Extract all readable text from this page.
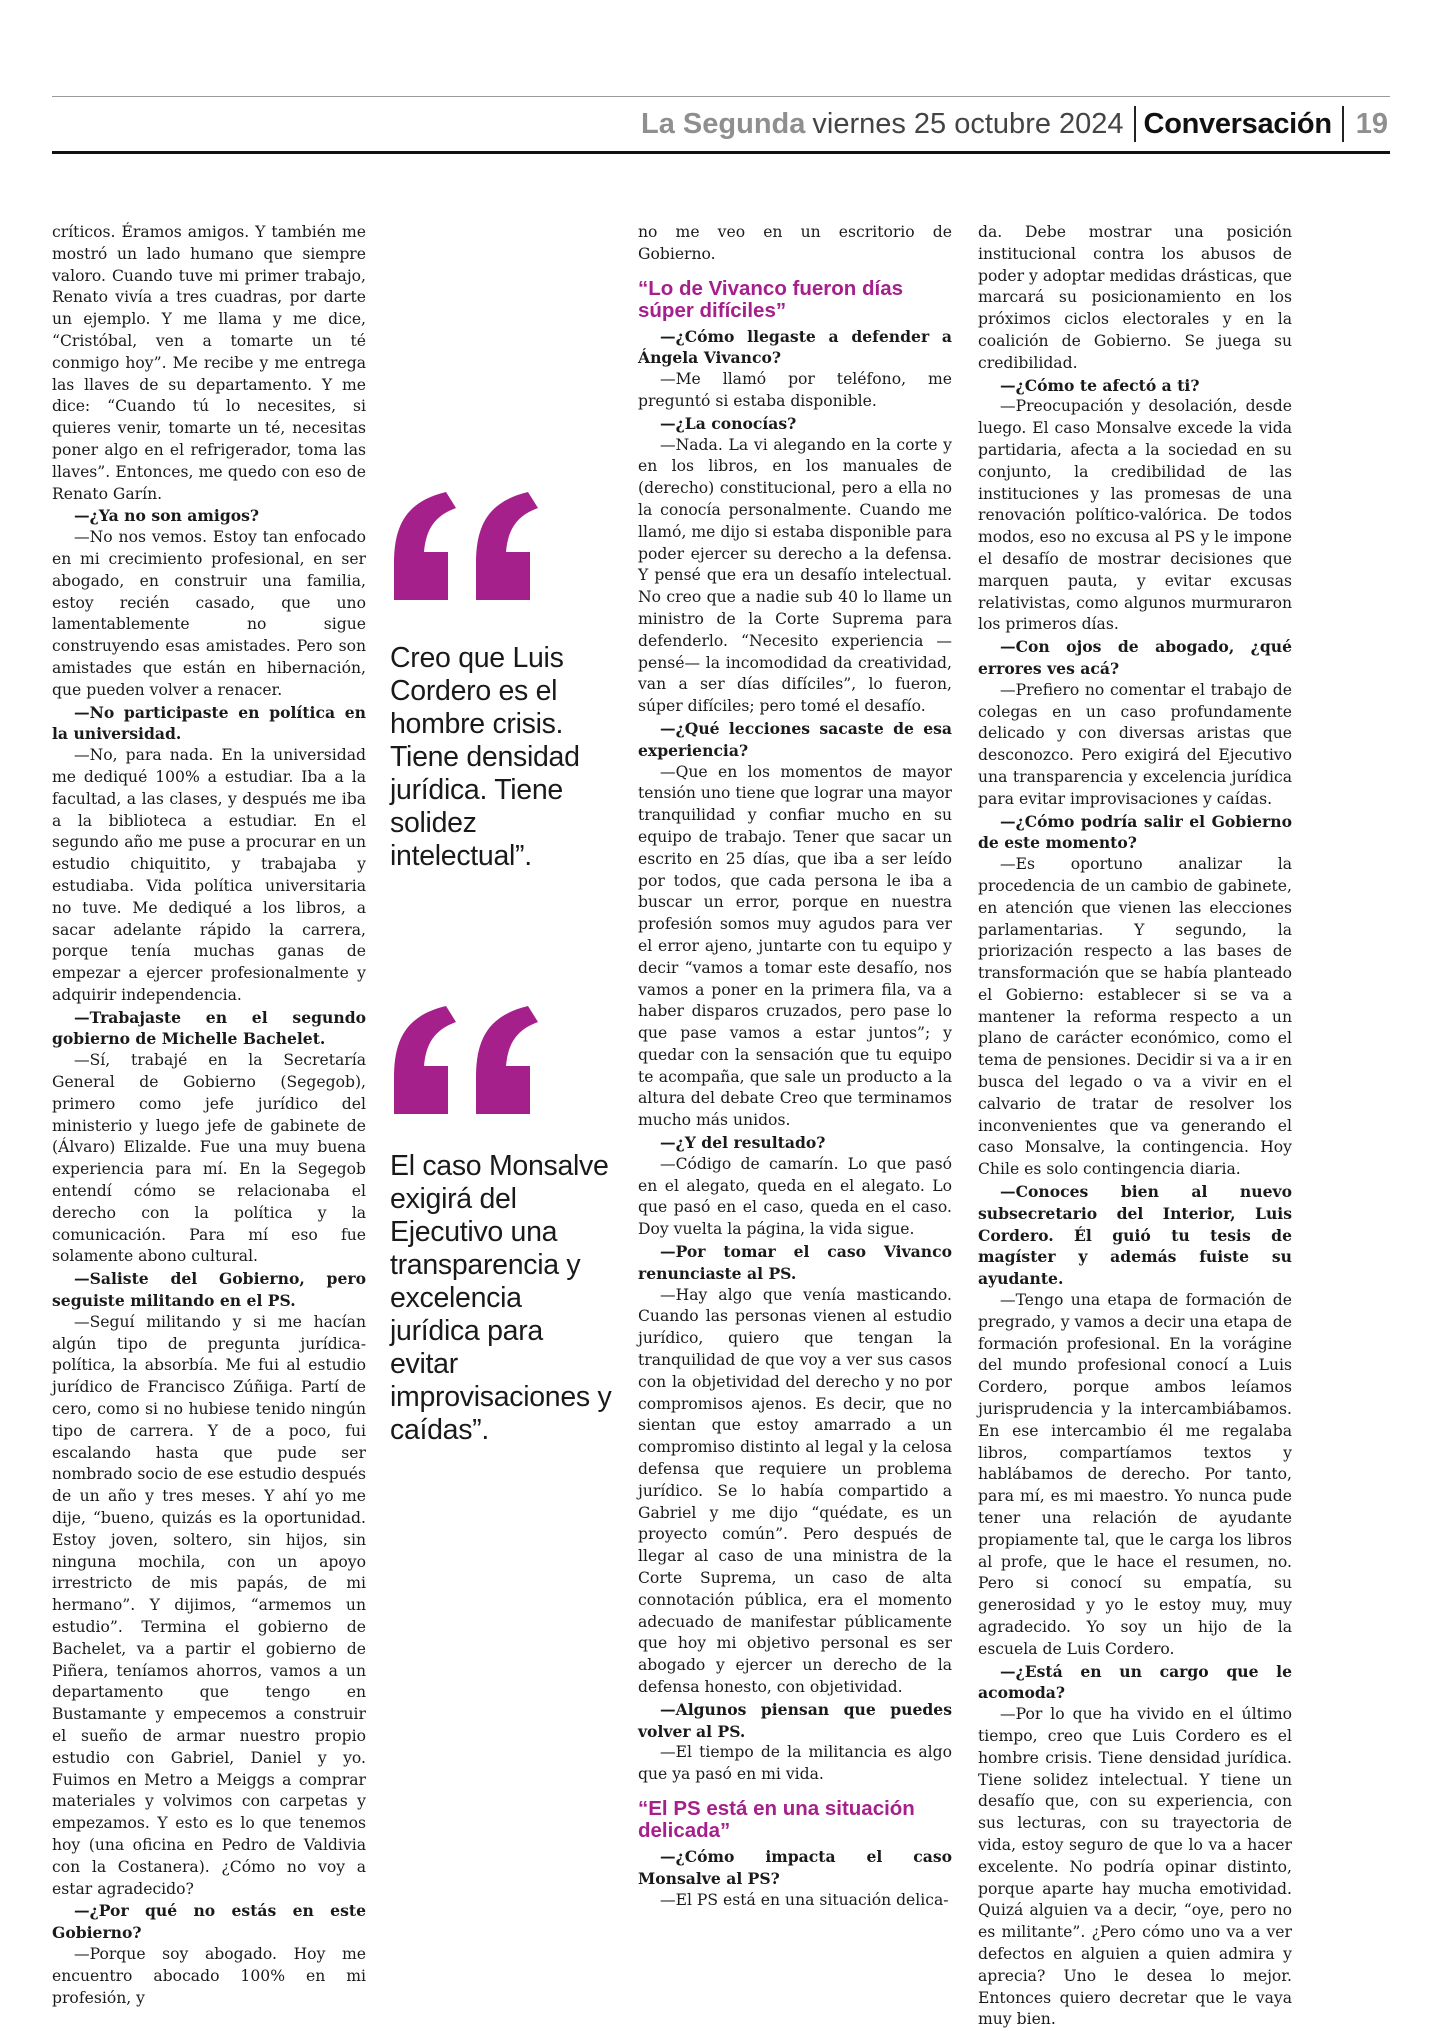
La Segunda viernes 25 octubre 2024 Conversación 19

críticos. Éramos amigos. Y también me mostró un lado humano que siempre valoro. Cuando tuve mi primer trabajo, Renato vivía a tres cuadras, por darte un ejemplo. Y me llama y me dice, “Cristóbal, ven a tomarte un té conmigo hoy”. Me recibe y me entrega las llaves de su departamento. Y me dice: “Cuando tú lo necesites, si quieres venir, tomarte un té, necesitas poner algo en el refrigerador, toma las llaves”. Entonces, me quedo con eso de Renato Garín.

—¿Ya no son amigos?

—No nos vemos. Estoy tan enfocado en mi crecimiento profesional, en ser abogado, en construir una familia, estoy recién casado, que uno lamentablemente no sigue construyendo esas amistades. Pero son amistades que están en hibernación, que pueden volver a renacer.

—No participaste en política en la universidad.

—No, para nada. En la universidad me dediqué 100% a estudiar. Iba a la facultad, a las clases, y después me iba a la biblioteca a estudiar. En el segundo año me puse a procurar en un estudio chiquitito, y trabajaba y estudiaba. Vida política universitaria no tuve. Me dediqué a los libros, a sacar adelante rápido la carrera, porque tenía muchas ganas de empezar a ejercer profesionalmente y adquirir independencia.

—Trabajaste en el segundo gobierno de Michelle Bachelet.

—Sí, trabajé en la Secretaría General de Gobierno (Segegob), primero como jefe jurídico del ministerio y luego jefe de gabinete de (Álvaro) Elizalde. Fue una muy buena experiencia para mí. En la Segegob entendí cómo se relacionaba el derecho con la política y la comunicación. Para mí eso fue solamente abono cultural.

—Saliste del Gobierno, pero seguiste militando en el PS.

—Seguí militando y si me hacían algún tipo de pregunta jurídica-política, la absorbía. Me fui al estudio jurídico de Francisco Zúñiga. Partí de cero, como si no hubiese tenido ningún tipo de carrera. Y de a poco, fui escalando hasta que pude ser nombrado socio de ese estudio después de un año y tres meses. Y ahí yo me dije, “bueno, quizás es la oportunidad. Estoy joven, soltero, sin hijos, sin ninguna mochila, con un apoyo irrestricto de mis papás, de mi hermano”. Y dijimos, “armemos un estudio”. Termina el gobierno de Bachelet, va a partir el gobierno de Piñera, teníamos ahorros, vamos a un departamento que tengo en Bustamante y empecemos a construir el sueño de armar nuestro propio estudio con Gabriel, Daniel y yo. Fuimos en Metro a Meiggs a comprar materiales y volvimos con carpetas y empezamos. Y esto es lo que tenemos hoy (una oficina en Pedro de Valdivia con la Costanera). ¿Cómo no voy a estar agradecido?

—¿Por qué no estás en este Gobierno?

—Porque soy abogado. Hoy me encuentro abocado 100% en mi profesión, y

Creo que Luis Cordero es el hombre crisis. Tiene densidad jurídica. Tiene solidez intelectual”.
El caso Monsalve exigirá del Ejecutivo una transparencia y excelencia jurídica para evitar improvisaciones y caídas”.

no me veo en un escritorio de Gobierno.

“Lo de Vivanco fueron días súper difíciles”

—¿Cómo llegaste a defender a Ángela Vivanco?

—Me llamó por teléfono, me preguntó si estaba disponible.

—¿La conocías?

—Nada. La vi alegando en la corte y en los libros, en los manuales de (derecho) constitucional, pero a ella no la conocía personalmente. Cuando me llamó, me dijo si estaba disponible para poder ejercer su derecho a la defensa. Y pensé que era un desafío intelectual. No creo que a nadie sub 40 lo llame un ministro de la Corte Suprema para defenderlo. “Necesito experiencia —pensé— la incomodidad da creatividad, van a ser días difíciles”, lo fueron, súper difíciles; pero tomé el desafío.

—¿Qué lecciones sacaste de esa experiencia?

—Que en los momentos de mayor tensión uno tiene que lograr una mayor tranquilidad y confiar mucho en su equipo de trabajo. Tener que sacar un escrito en 25 días, que iba a ser leído por todos, que cada persona le iba a buscar un error, porque en nuestra profesión somos muy agudos para ver el error ajeno, juntarte con tu equipo y decir “vamos a tomar este desafío, nos vamos a poner en la primera fila, va a haber disparos cruzados, pero pase lo que pase vamos a estar juntos”; y quedar con la sensación que tu equipo te acompaña, que sale un producto a la altura del debate Creo que terminamos mucho más unidos.

—¿Y del resultado?

—Código de camarín. Lo que pasó en el alegato, queda en el alegato. Lo que pasó en el caso, queda en el caso. Doy vuelta la página, la vida sigue.

—Por tomar el caso Vivanco renunciaste al PS.

—Hay algo que venía masticando. Cuando las personas vienen al estudio jurídico, quiero que tengan la tranquilidad de que voy a ver sus casos con la objetividad del derecho y no por compromisos ajenos. Es decir, que no sientan que estoy amarrado a un compromiso distinto al legal y la celosa defensa que requiere un problema jurídico. Se lo había compartido a Gabriel y me dijo “quédate, es un proyecto común”. Pero después de llegar al caso de una ministra de la Corte Suprema, un caso de alta connotación pública, era el momento adecuado de manifestar públicamente que hoy mi objetivo personal es ser abogado y ejercer un derecho de la defensa honesto, con objetividad.

—Algunos piensan que puedes volver al PS.

—El tiempo de la militancia es algo que ya pasó en mi vida.

“El PS está en una situación delicada”

—¿Cómo impacta el caso Monsalve al PS?

—El PS está en una situación delica-

da. Debe mostrar una posición institucional contra los abusos de poder y adoptar medidas drásticas, que marcará su posicionamiento en los próximos ciclos electorales y en la coalición de Gobierno. Se juega su credibilidad.

—¿Cómo te afectó a ti?

—Preocupación y desolación, desde luego. El caso Monsalve excede la vida partidaria, afecta a la sociedad en su conjunto, la credibilidad de las instituciones y las promesas de una renovación político-valórica. De todos modos, eso no excusa al PS y le impone el desafío de mostrar decisiones que marquen pauta, y evitar excusas relativistas, como algunos murmuraron los primeros días.

—Con ojos de abogado, ¿qué errores ves acá?

—Prefiero no comentar el trabajo de colegas en un caso profundamente delicado y con diversas aristas que desconozco. Pero exigirá del Ejecutivo una transparencia y excelencia jurídica para evitar improvisaciones y caídas.

—¿Cómo podría salir el Gobierno de este momento?

—Es oportuno analizar la procedencia de un cambio de gabinete, en atención que vienen las elecciones parlamentarias. Y segundo, la priorización respecto a las bases de transformación que se había planteado el Gobierno: establecer si se va a mantener la reforma respecto a un plano de carácter económico, como el tema de pensiones. Decidir si va a ir en busca del legado o va a vivir en el calvario de tratar de resolver los inconvenientes que va generando el caso Monsalve, la contingencia. Hoy Chile es solo contingencia diaria.

—Conoces bien al nuevo subsecretario del Interior, Luis Cordero. Él guió tu tesis de magíster y además fuiste su ayudante.

—Tengo una etapa de formación de pregrado, y vamos a decir una etapa de formación profesional. En la vorágine del mundo profesional conocí a Luis Cordero, porque ambos leíamos jurisprudencia y la intercambiábamos. En ese intercambio él me regalaba libros, compartíamos textos y hablábamos de derecho. Por tanto, para mí, es mi maestro. Yo nunca pude tener una relación de ayudante propiamente tal, que le carga los libros al profe, que le hace el resumen, no. Pero si conocí su empatía, su generosidad y yo le estoy muy, muy agradecido. Yo soy un hijo de la escuela de Luis Cordero.

—¿Está en un cargo que le acomoda?

—Por lo que ha vivido en el último tiempo, creo que Luis Cordero es el hombre crisis. Tiene densidad jurídica. Tiene solidez intelectual. Y tiene un desafío que, con su experiencia, con sus lecturas, con su trayectoria de vida, estoy seguro de que lo va a hacer excelente. No podría opinar distinto, porque aparte hay mucha emotividad. Quizá alguien va a decir, “oye, pero no es militante”. ¿Pero cómo uno va a ver defectos en alguien a quien admira y aprecia? Uno le desea lo mejor. Entonces quiero decretar que le vaya muy bien.
